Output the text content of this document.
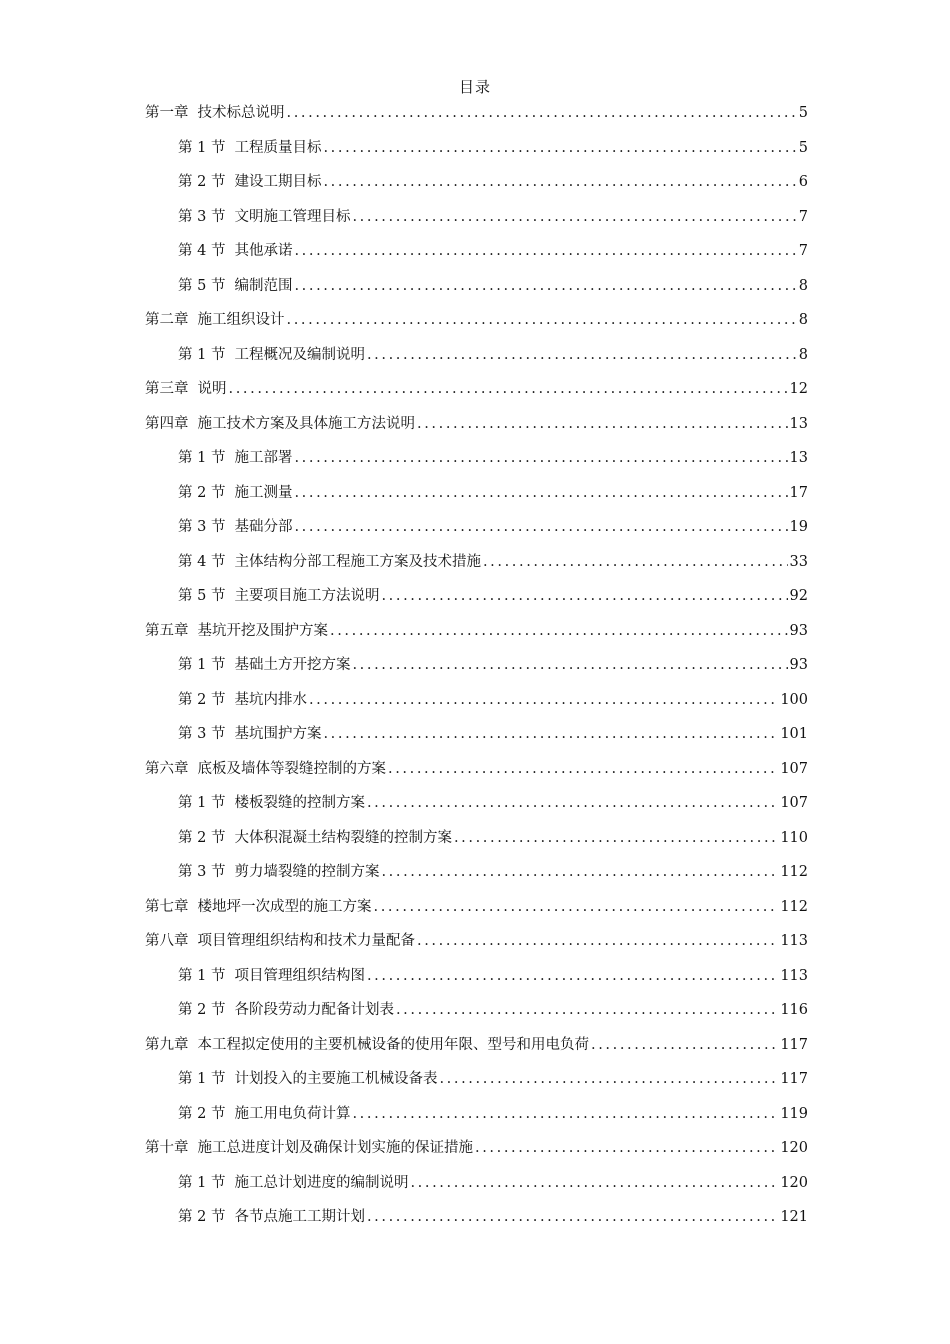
目录
第一章 技术标总说明 .....	5
第 1 节 工程质量目标 .....	5
第 2 节 建设工期目标 .....	6
第 3 节 文明施工管理目标 .....	7
第 4 节 其他承诺 .....	7
第 5 节 编制范围 .....	8
第二章 施工组织设计 .....	8
第 1 节 工程概况及编制说明 .....	8
第三章 说明 .....	12
第四章 施工技术方案及具体施工方法说明 .....	13
第 1 节 施工部署 .....	13
第 2 节 施工测量 .....	17
第 3 节 基础分部 .....	19
第 4 节 主体结构分部工程施工方案及技术措施 .....	33
第 5 节 主要项目施工方法说明 .....	92
第五章 基坑开挖及围护方案 .....	93
第 1 节 基础土方开挖方案 .....	93
第 2 节 基坑内排水 .....	100
第 3 节 基坑围护方案 .....	101
第六章 底板及墙体等裂缝控制的方案 .....	107
第 1 节 楼板裂缝的控制方案 .....	107
第 2 节 大体积混凝土结构裂缝的控制方案 .....	110
第 3 节 剪力墙裂缝的控制方案 .....	112
第七章 楼地坪一次成型的施工方案 .....	112
第八章 项目管理组织结构和技术力量配备 .....	113
第 1 节 项目管理组织结构图 .....	113
第 2 节 各阶段劳动力配备计划表 .....	116
第九章 本工程拟定使用的主要机械设备的使用年限、型号和用电负荷 .....	117
第 1 节 计划投入的主要施工机械设备表 .....	117
第 2 节 施工用电负荷计算 .....	119
第十章 施工总进度计划及确保计划实施的保证措施 .....	120
第 1 节 施工总计划进度的编制说明 .....	120
第 2 节 各节点施工工期计划 .....	121
